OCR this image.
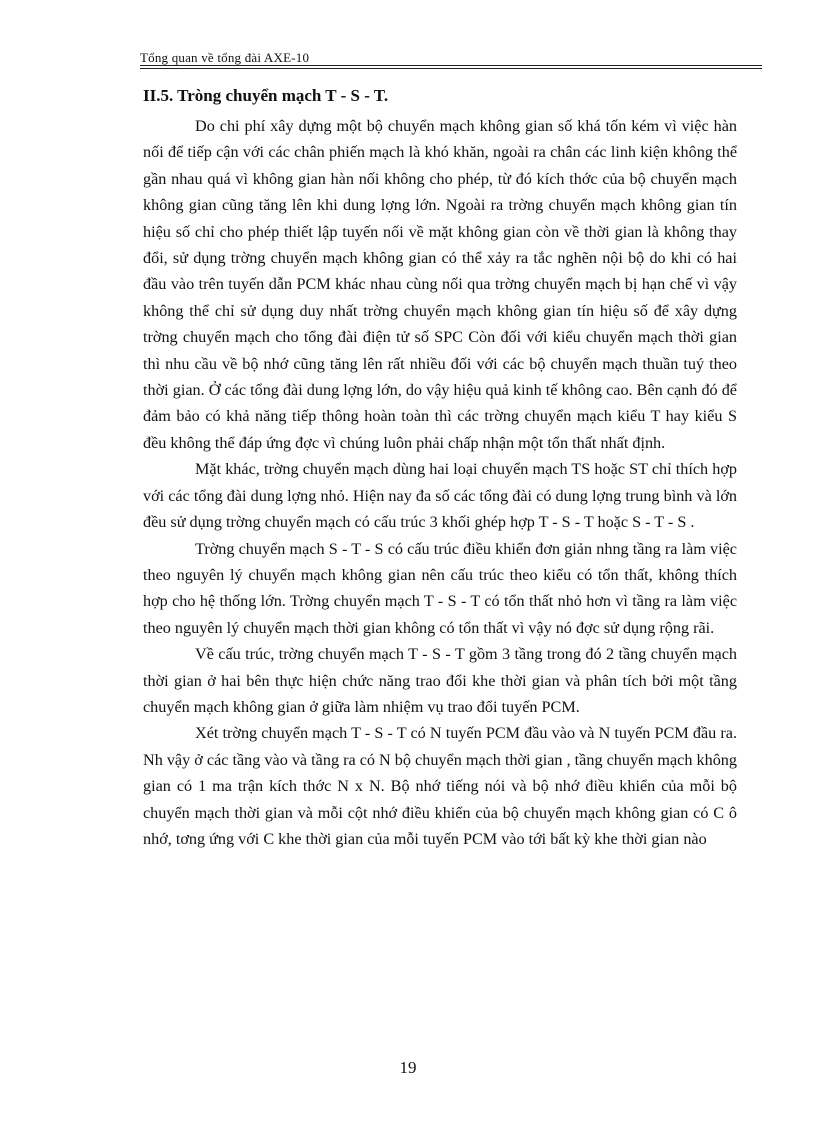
Tổng quan về tổng đài AXE-10
II.5. Tròng chuyển mạch T - S - T.

Do chi phí xây dựng một bộ chuyển mạch không gian số khá tốn kém vì việc hàn nối để tiếp cận với các chân phiến mạch là khó khăn, ngoài ra chân các linh kiện không thể gần nhau quá vì không gian hàn nối không cho phép, từ đó kích thớc của bộ chuyển mạch không gian cũng tăng lên khi dung lợng lớn. Ngoài ra trờng chuyển mạch không gian tín hiệu số chỉ cho phép thiết lập tuyến nối về mặt không gian còn về thời gian là không thay đổi, sử dụng trờng chuyển mạch không gian có thể xảy ra tắc nghẽn nội bộ do khi có hai đầu vào trên tuyến dẫn PCM khác nhau cùng nối qua trờng chuyển mạch bị hạn chế vì vậy không thể chỉ sử dụng duy nhất trờng chuyển mạch không gian tín hiệu số để xây dựng trờng chuyển mạch cho tổng đài điện tử số SPC Còn đối với kiểu chuyển mạch thời gian thì nhu cầu về bộ nhớ cũng tăng lên rất nhiều đối với các bộ chuyển mạch thuần tuý theo thời gian. Ở các tổng đài dung lợng lớn, do vậy hiệu quả kinh tế không cao. Bên cạnh đó để đảm bảo có khả năng tiếp thông hoàn toàn thì các trờng chuyển mạch kiểu T hay kiểu S đều không thể đáp ứng đợc vì chúng luôn phải chấp nhận một tổn thất nhất định.

Mặt khác, trờng chuyển mạch dùng hai loại chuyển mạch TS hoặc ST chỉ thích hợp với các tổng đài dung lợng nhỏ. Hiện nay đa số các tổng đài có dung lợng trung bình và lớn đều sử dụng trờng chuyển mạch có cấu trúc 3 khối ghép hợp T - S - T hoặc S - T - S .

Trờng chuyển mạch S - T - S có cấu trúc điều khiển đơn giản nhng tầng ra làm việc theo nguyên lý chuyển mạch không gian nên cấu trúc theo kiểu có tổn thất, không thích hợp cho hệ thống lớn. Trờng chuyển mạch T - S - T có tổn thất nhỏ hơn vì tầng ra làm việc theo nguyên lý chuyển mạch thời gian không có tổn thất vì vậy nó đợc sử dụng rộng rãi.

Về cấu trúc, trờng chuyển mạch T - S - T gồm 3 tầng trong đó 2 tầng chuyển mạch thời gian ở hai bên thực hiện chức năng trao đổi khe thời gian và phân tích bởi một tầng chuyển mạch không gian ở giữa làm nhiệm vụ trao đổi tuyến PCM.

Xét trờng chuyển mạch T - S - T có N tuyến PCM đầu vào và N tuyến PCM đầu ra. Nh vậy ở các tầng vào và tầng ra có N bộ chuyển mạch thời gian , tầng chuyển mạch không gian có 1 ma trận kích thớc N x N. Bộ nhớ tiếng nói và bộ nhớ điều khiển của mỗi bộ chuyển mạch thời gian và mỗi cột nhớ điều khiển của bộ chuyển mạch không gian có C ô nhớ, tơng ứng với C khe thời gian của mỗi tuyến PCM vào tới bất kỳ khe thời gian nào

19
